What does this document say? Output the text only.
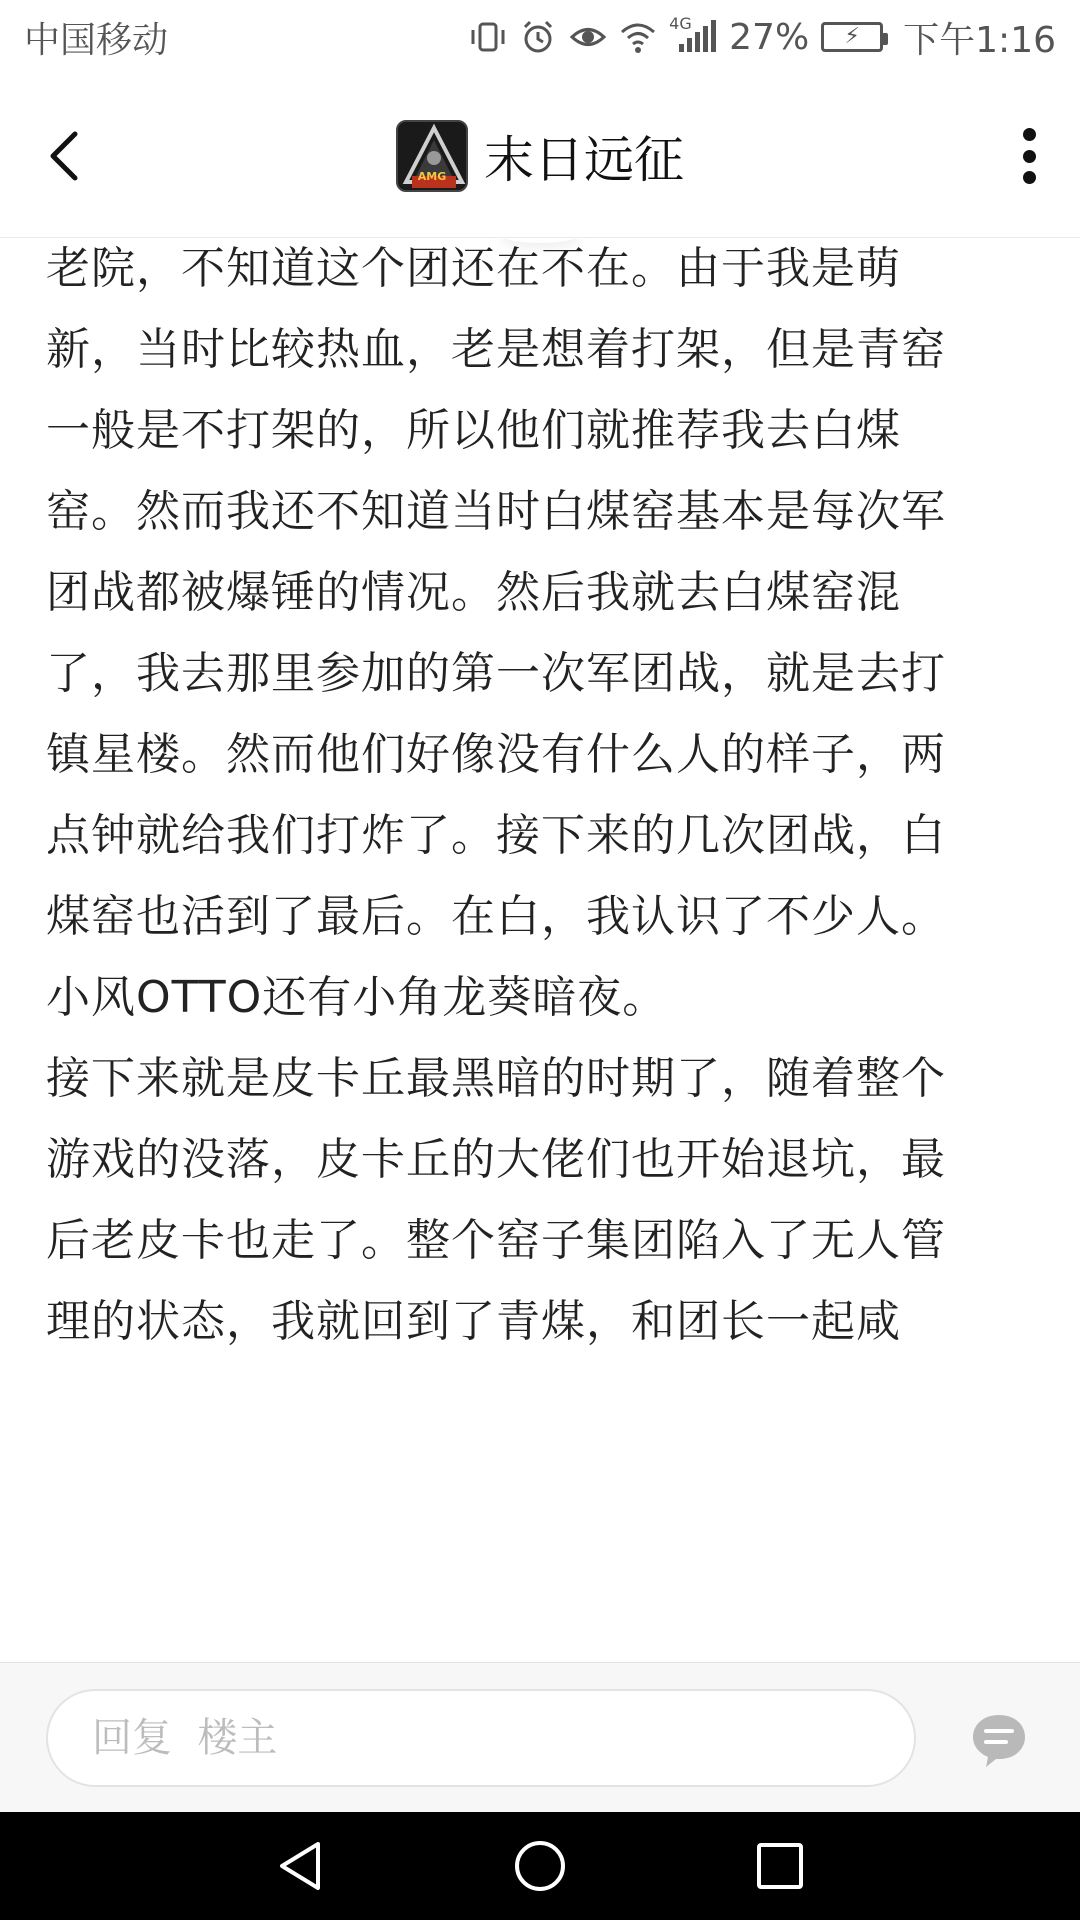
中国移动	4G 27% ⚡ 下午1:16
AMG 末日远征
老院，不知道这个团还在不在。由于我是萌
新，当时比较热血，老是想着打架，但是青窑
一般是不打架的，所以他们就推荐我去白煤
窑。然而我还不知道当时白煤窑基本是每次军
团战都被爆锤的情况。然后我就去白煤窑混
了，我去那里参加的第一次军团战，就是去打
镇星楼。然而他们好像没有什么人的样子，两
点钟就给我们打炸了。接下来的几次团战，白
煤窑也活到了最后。在白，我认识了不少人。
小风OTTO还有小角龙葵暗夜。
接下来就是皮卡丘最黑暗的时期了，随着整个
游戏的没落，皮卡丘的大佬们也开始退坑，最
后老皮卡也走了。整个窑子集团陷入了无人管
理的状态，我就回到了青煤，和团长一起咸
回复 楼主
